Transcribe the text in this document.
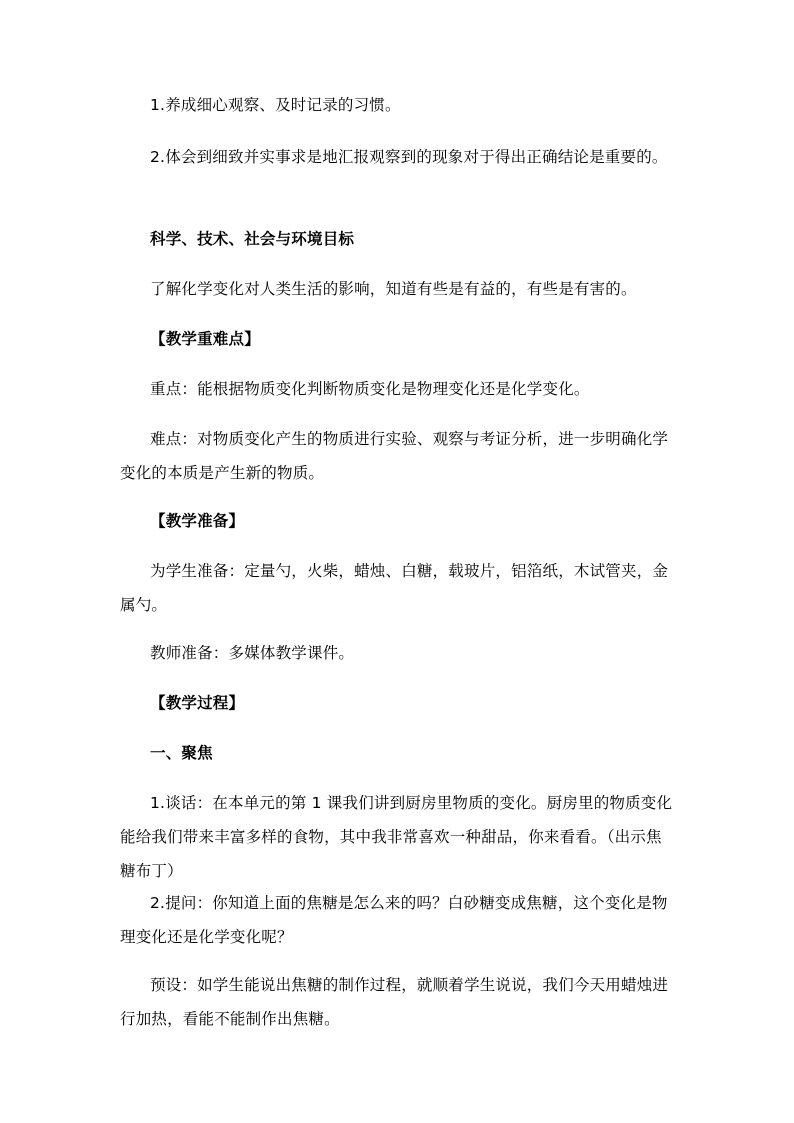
1.养成细心观察、及时记录的习惯。

2.体会到细致并实事求是地汇报观察到的现象对于得出正确结论是重要的。

科学、技术、社会与环境目标

了解化学变化对人类生活的影响，知道有些是有益的，有些是有害的。

【教学重难点】

重点：能根据物质变化判断物质变化是物理变化还是化学变化。

难点：对物质变化产生的物质进行实验、观察与考证分析，进一步明确化学变化的本质是产生新的物质。

【教学准备】

为学生准备：定量勺，火柴，蜡烛、白糖，载玻片，铝箔纸，木试管夹，金属勺。

教师准备：多媒体教学课件。

【教学过程】

一、聚焦

1.谈话：在本单元的第 1 课我们讲到厨房里物质的变化。厨房里的物质变化能给我们带来丰富多样的食物，其中我非常喜欢一种甜品，你来看看。（出示焦糖布丁）

2.提问：你知道上面的焦糖是怎么来的吗？白砂糖变成焦糖，这个变化是物理变化还是化学变化呢？

预设：如学生能说出焦糖的制作过程，就顺着学生说说，我们今天用蜡烛进行加热，看能不能制作出焦糖。
